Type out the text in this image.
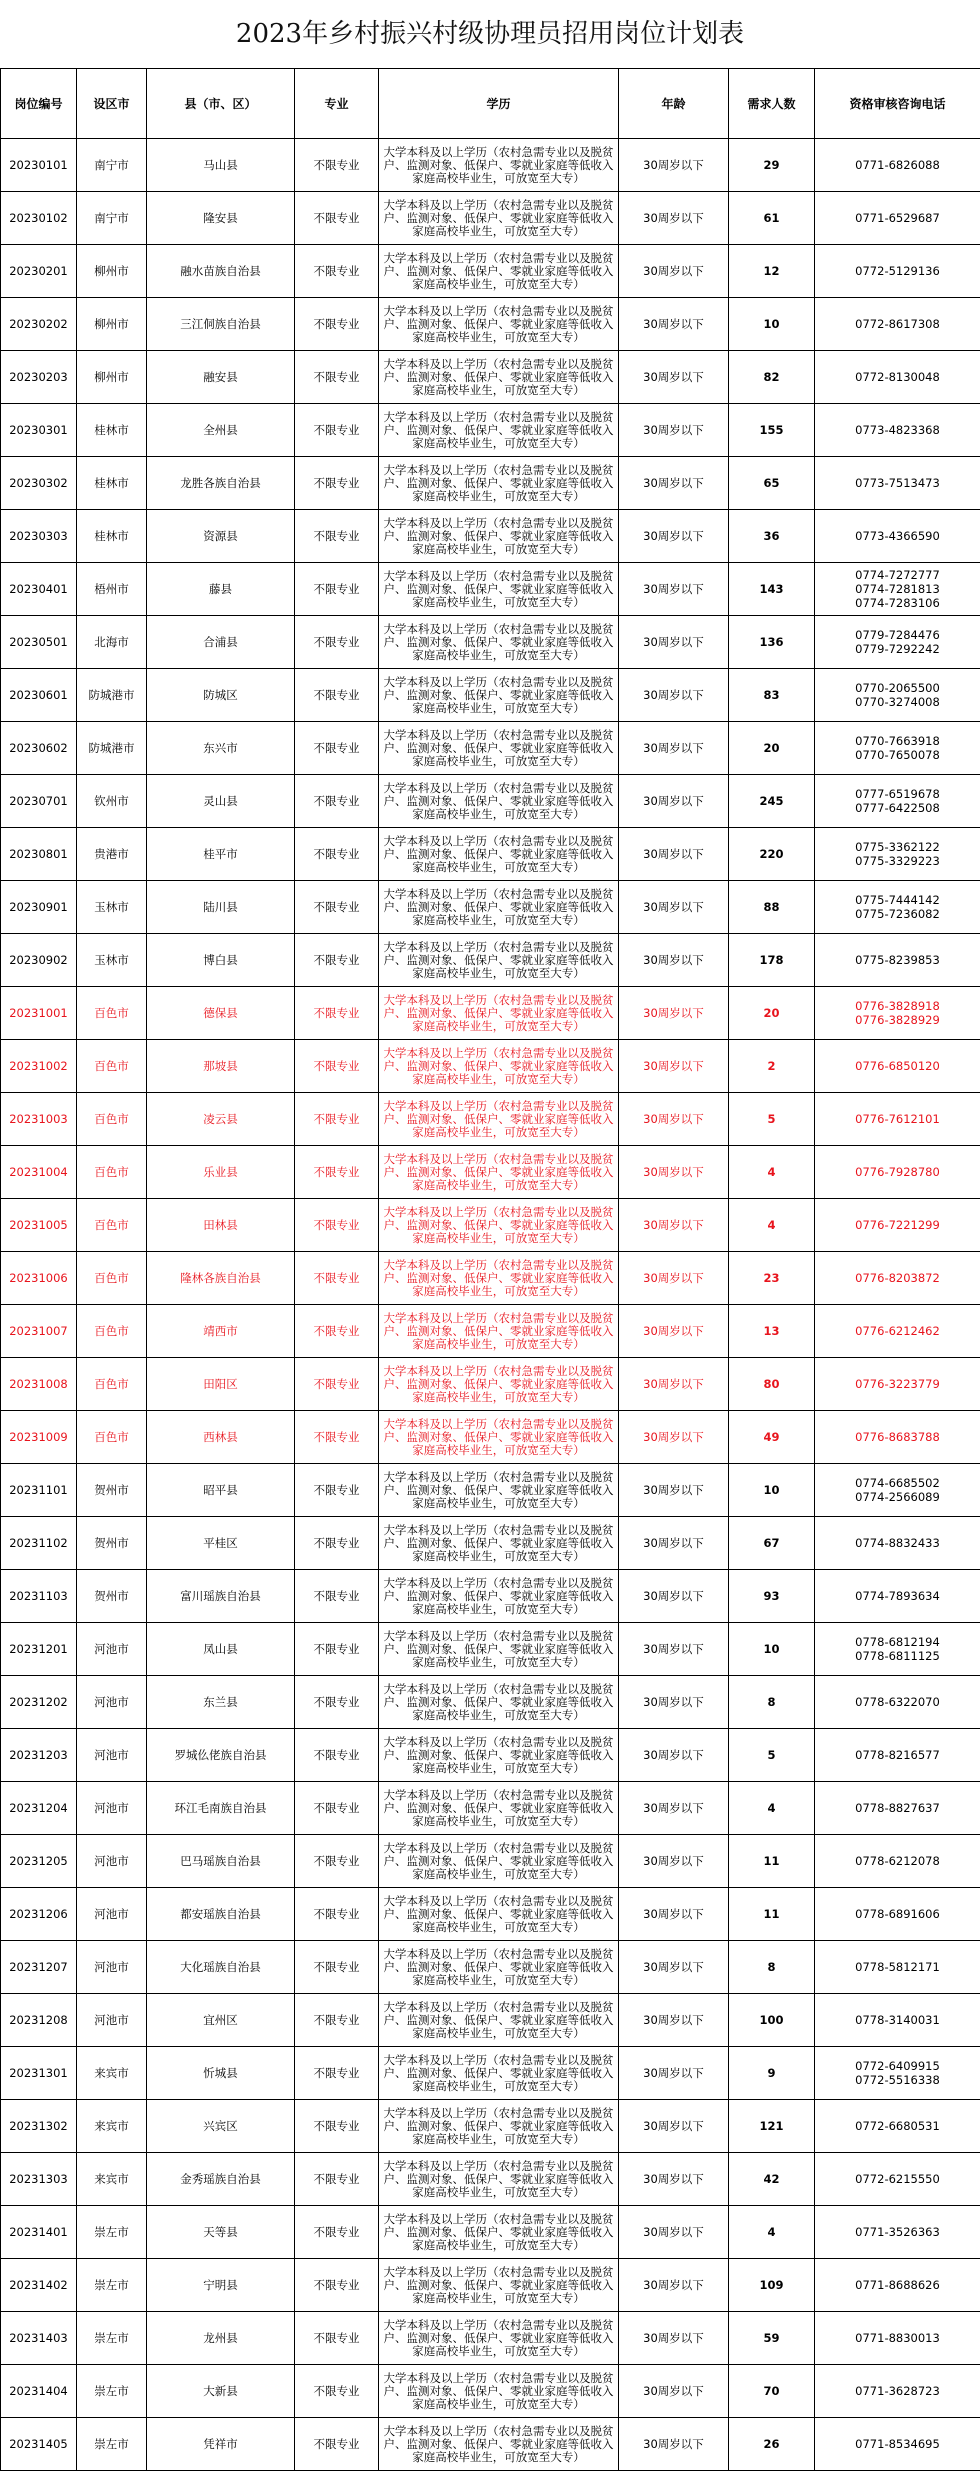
2023年乡村振兴村级协理员招用岗位计划表
岗位编号	设区市	县（市、区）	专业	学历	年龄	需求人数	资格审核咨询电话
20230101	南宁市	马山县	不限专业	大学本科及以上学历（农村急需专业以及脱贫户、监测对象、低保户、零就业家庭等低收入家庭高校毕业生，可放宽至大专）	30周岁以下	29	0771-6826088
20230102	南宁市	隆安县	不限专业	大学本科及以上学历（农村急需专业以及脱贫户、监测对象、低保户、零就业家庭等低收入家庭高校毕业生，可放宽至大专）	30周岁以下	61	0771-6529687
20230201	柳州市	融水苗族自治县	不限专业	大学本科及以上学历（农村急需专业以及脱贫户、监测对象、低保户、零就业家庭等低收入家庭高校毕业生，可放宽至大专）	30周岁以下	12	0772-5129136
20230202	柳州市	三江侗族自治县	不限专业	大学本科及以上学历（农村急需专业以及脱贫户、监测对象、低保户、零就业家庭等低收入家庭高校毕业生，可放宽至大专）	30周岁以下	10	0772-8617308
20230203	柳州市	融安县	不限专业	大学本科及以上学历（农村急需专业以及脱贫户、监测对象、低保户、零就业家庭等低收入家庭高校毕业生，可放宽至大专）	30周岁以下	82	0772-8130048
20230301	桂林市	全州县	不限专业	大学本科及以上学历（农村急需专业以及脱贫户、监测对象、低保户、零就业家庭等低收入家庭高校毕业生，可放宽至大专）	30周岁以下	155	0773-4823368
20230302	桂林市	龙胜各族自治县	不限专业	大学本科及以上学历（农村急需专业以及脱贫户、监测对象、低保户、零就业家庭等低收入家庭高校毕业生，可放宽至大专）	30周岁以下	65	0773-7513473
20230303	桂林市	资源县	不限专业	大学本科及以上学历（农村急需专业以及脱贫户、监测对象、低保户、零就业家庭等低收入家庭高校毕业生，可放宽至大专）	30周岁以下	36	0773-4366590
20230401	梧州市	藤县	不限专业	大学本科及以上学历（农村急需专业以及脱贫户、监测对象、低保户、零就业家庭等低收入家庭高校毕业生，可放宽至大专）	30周岁以下	143	0774-7272777
0774-7281813
0774-7283106
20230501	北海市	合浦县	不限专业	大学本科及以上学历（农村急需专业以及脱贫户、监测对象、低保户、零就业家庭等低收入家庭高校毕业生，可放宽至大专）	30周岁以下	136	0779-7284476
0779-7292242
20230601	防城港市	防城区	不限专业	大学本科及以上学历（农村急需专业以及脱贫户、监测对象、低保户、零就业家庭等低收入家庭高校毕业生，可放宽至大专）	30周岁以下	83	0770-2065500
0770-3274008
20230602	防城港市	东兴市	不限专业	大学本科及以上学历（农村急需专业以及脱贫户、监测对象、低保户、零就业家庭等低收入家庭高校毕业生，可放宽至大专）	30周岁以下	20	0770-7663918
0770-7650078
20230701	钦州市	灵山县	不限专业	大学本科及以上学历（农村急需专业以及脱贫户、监测对象、低保户、零就业家庭等低收入家庭高校毕业生，可放宽至大专）	30周岁以下	245	0777-6519678
0777-6422508
20230801	贵港市	桂平市	不限专业	大学本科及以上学历（农村急需专业以及脱贫户、监测对象、低保户、零就业家庭等低收入家庭高校毕业生，可放宽至大专）	30周岁以下	220	0775-3362122
0775-3329223
20230901	玉林市	陆川县	不限专业	大学本科及以上学历（农村急需专业以及脱贫户、监测对象、低保户、零就业家庭等低收入家庭高校毕业生，可放宽至大专）	30周岁以下	88	0775-7444142
0775-7236082
20230902	玉林市	博白县	不限专业	大学本科及以上学历（农村急需专业以及脱贫户、监测对象、低保户、零就业家庭等低收入家庭高校毕业生，可放宽至大专）	30周岁以下	178	0775-8239853
20231001	百色市	德保县	不限专业	大学本科及以上学历（农村急需专业以及脱贫户、监测对象、低保户、零就业家庭等低收入家庭高校毕业生，可放宽至大专）	30周岁以下	20	0776-3828918
0776-3828929
20231002	百色市	那坡县	不限专业	大学本科及以上学历（农村急需专业以及脱贫户、监测对象、低保户、零就业家庭等低收入家庭高校毕业生，可放宽至大专）	30周岁以下	2	0776-6850120
20231003	百色市	凌云县	不限专业	大学本科及以上学历（农村急需专业以及脱贫户、监测对象、低保户、零就业家庭等低收入家庭高校毕业生，可放宽至大专）	30周岁以下	5	0776-7612101
20231004	百色市	乐业县	不限专业	大学本科及以上学历（农村急需专业以及脱贫户、监测对象、低保户、零就业家庭等低收入家庭高校毕业生，可放宽至大专）	30周岁以下	4	0776-7928780
20231005	百色市	田林县	不限专业	大学本科及以上学历（农村急需专业以及脱贫户、监测对象、低保户、零就业家庭等低收入家庭高校毕业生，可放宽至大专）	30周岁以下	4	0776-7221299
20231006	百色市	隆林各族自治县	不限专业	大学本科及以上学历（农村急需专业以及脱贫户、监测对象、低保户、零就业家庭等低收入家庭高校毕业生，可放宽至大专）	30周岁以下	23	0776-8203872
20231007	百色市	靖西市	不限专业	大学本科及以上学历（农村急需专业以及脱贫户、监测对象、低保户、零就业家庭等低收入家庭高校毕业生，可放宽至大专）	30周岁以下	13	0776-6212462
20231008	百色市	田阳区	不限专业	大学本科及以上学历（农村急需专业以及脱贫户、监测对象、低保户、零就业家庭等低收入家庭高校毕业生，可放宽至大专）	30周岁以下	80	0776-3223779
20231009	百色市	西林县	不限专业	大学本科及以上学历（农村急需专业以及脱贫户、监测对象、低保户、零就业家庭等低收入家庭高校毕业生，可放宽至大专）	30周岁以下	49	0776-8683788
20231101	贺州市	昭平县	不限专业	大学本科及以上学历（农村急需专业以及脱贫户、监测对象、低保户、零就业家庭等低收入家庭高校毕业生，可放宽至大专）	30周岁以下	10	0774-6685502
0774-2566089
20231102	贺州市	平桂区	不限专业	大学本科及以上学历（农村急需专业以及脱贫户、监测对象、低保户、零就业家庭等低收入家庭高校毕业生，可放宽至大专）	30周岁以下	67	0774-8832433
20231103	贺州市	富川瑶族自治县	不限专业	大学本科及以上学历（农村急需专业以及脱贫户、监测对象、低保户、零就业家庭等低收入家庭高校毕业生，可放宽至大专）	30周岁以下	93	0774-7893634
20231201	河池市	凤山县	不限专业	大学本科及以上学历（农村急需专业以及脱贫户、监测对象、低保户、零就业家庭等低收入家庭高校毕业生，可放宽至大专）	30周岁以下	10	0778-6812194
0778-6811125
20231202	河池市	东兰县	不限专业	大学本科及以上学历（农村急需专业以及脱贫户、监测对象、低保户、零就业家庭等低收入家庭高校毕业生，可放宽至大专）	30周岁以下	8	0778-6322070
20231203	河池市	罗城仫佬族自治县	不限专业	大学本科及以上学历（农村急需专业以及脱贫户、监测对象、低保户、零就业家庭等低收入家庭高校毕业生，可放宽至大专）	30周岁以下	5	0778-8216577
20231204	河池市	环江毛南族自治县	不限专业	大学本科及以上学历（农村急需专业以及脱贫户、监测对象、低保户、零就业家庭等低收入家庭高校毕业生，可放宽至大专）	30周岁以下	4	0778-8827637
20231205	河池市	巴马瑶族自治县	不限专业	大学本科及以上学历（农村急需专业以及脱贫户、监测对象、低保户、零就业家庭等低收入家庭高校毕业生，可放宽至大专）	30周岁以下	11	0778-6212078
20231206	河池市	都安瑶族自治县	不限专业	大学本科及以上学历（农村急需专业以及脱贫户、监测对象、低保户、零就业家庭等低收入家庭高校毕业生，可放宽至大专）	30周岁以下	11	0778-6891606
20231207	河池市	大化瑶族自治县	不限专业	大学本科及以上学历（农村急需专业以及脱贫户、监测对象、低保户、零就业家庭等低收入家庭高校毕业生，可放宽至大专）	30周岁以下	8	0778-5812171
20231208	河池市	宜州区	不限专业	大学本科及以上学历（农村急需专业以及脱贫户、监测对象、低保户、零就业家庭等低收入家庭高校毕业生，可放宽至大专）	30周岁以下	100	0778-3140031
20231301	来宾市	忻城县	不限专业	大学本科及以上学历（农村急需专业以及脱贫户、监测对象、低保户、零就业家庭等低收入家庭高校毕业生，可放宽至大专）	30周岁以下	9	0772-6409915
0772-5516338
20231302	来宾市	兴宾区	不限专业	大学本科及以上学历（农村急需专业以及脱贫户、监测对象、低保户、零就业家庭等低收入家庭高校毕业生，可放宽至大专）	30周岁以下	121	0772-6680531
20231303	来宾市	金秀瑶族自治县	不限专业	大学本科及以上学历（农村急需专业以及脱贫户、监测对象、低保户、零就业家庭等低收入家庭高校毕业生，可放宽至大专）	30周岁以下	42	0772-6215550
20231401	崇左市	天等县	不限专业	大学本科及以上学历（农村急需专业以及脱贫户、监测对象、低保户、零就业家庭等低收入家庭高校毕业生，可放宽至大专）	30周岁以下	4	0771-3526363
20231402	崇左市	宁明县	不限专业	大学本科及以上学历（农村急需专业以及脱贫户、监测对象、低保户、零就业家庭等低收入家庭高校毕业生，可放宽至大专）	30周岁以下	109	0771-8688626
20231403	崇左市	龙州县	不限专业	大学本科及以上学历（农村急需专业以及脱贫户、监测对象、低保户、零就业家庭等低收入家庭高校毕业生，可放宽至大专）	30周岁以下	59	0771-8830013
20231404	崇左市	大新县	不限专业	大学本科及以上学历（农村急需专业以及脱贫户、监测对象、低保户、零就业家庭等低收入家庭高校毕业生，可放宽至大专）	30周岁以下	70	0771-3628723
20231405	崇左市	凭祥市	不限专业	大学本科及以上学历（农村急需专业以及脱贫户、监测对象、低保户、零就业家庭等低收入家庭高校毕业生，可放宽至大专）	30周岁以下	26	0771-8534695
